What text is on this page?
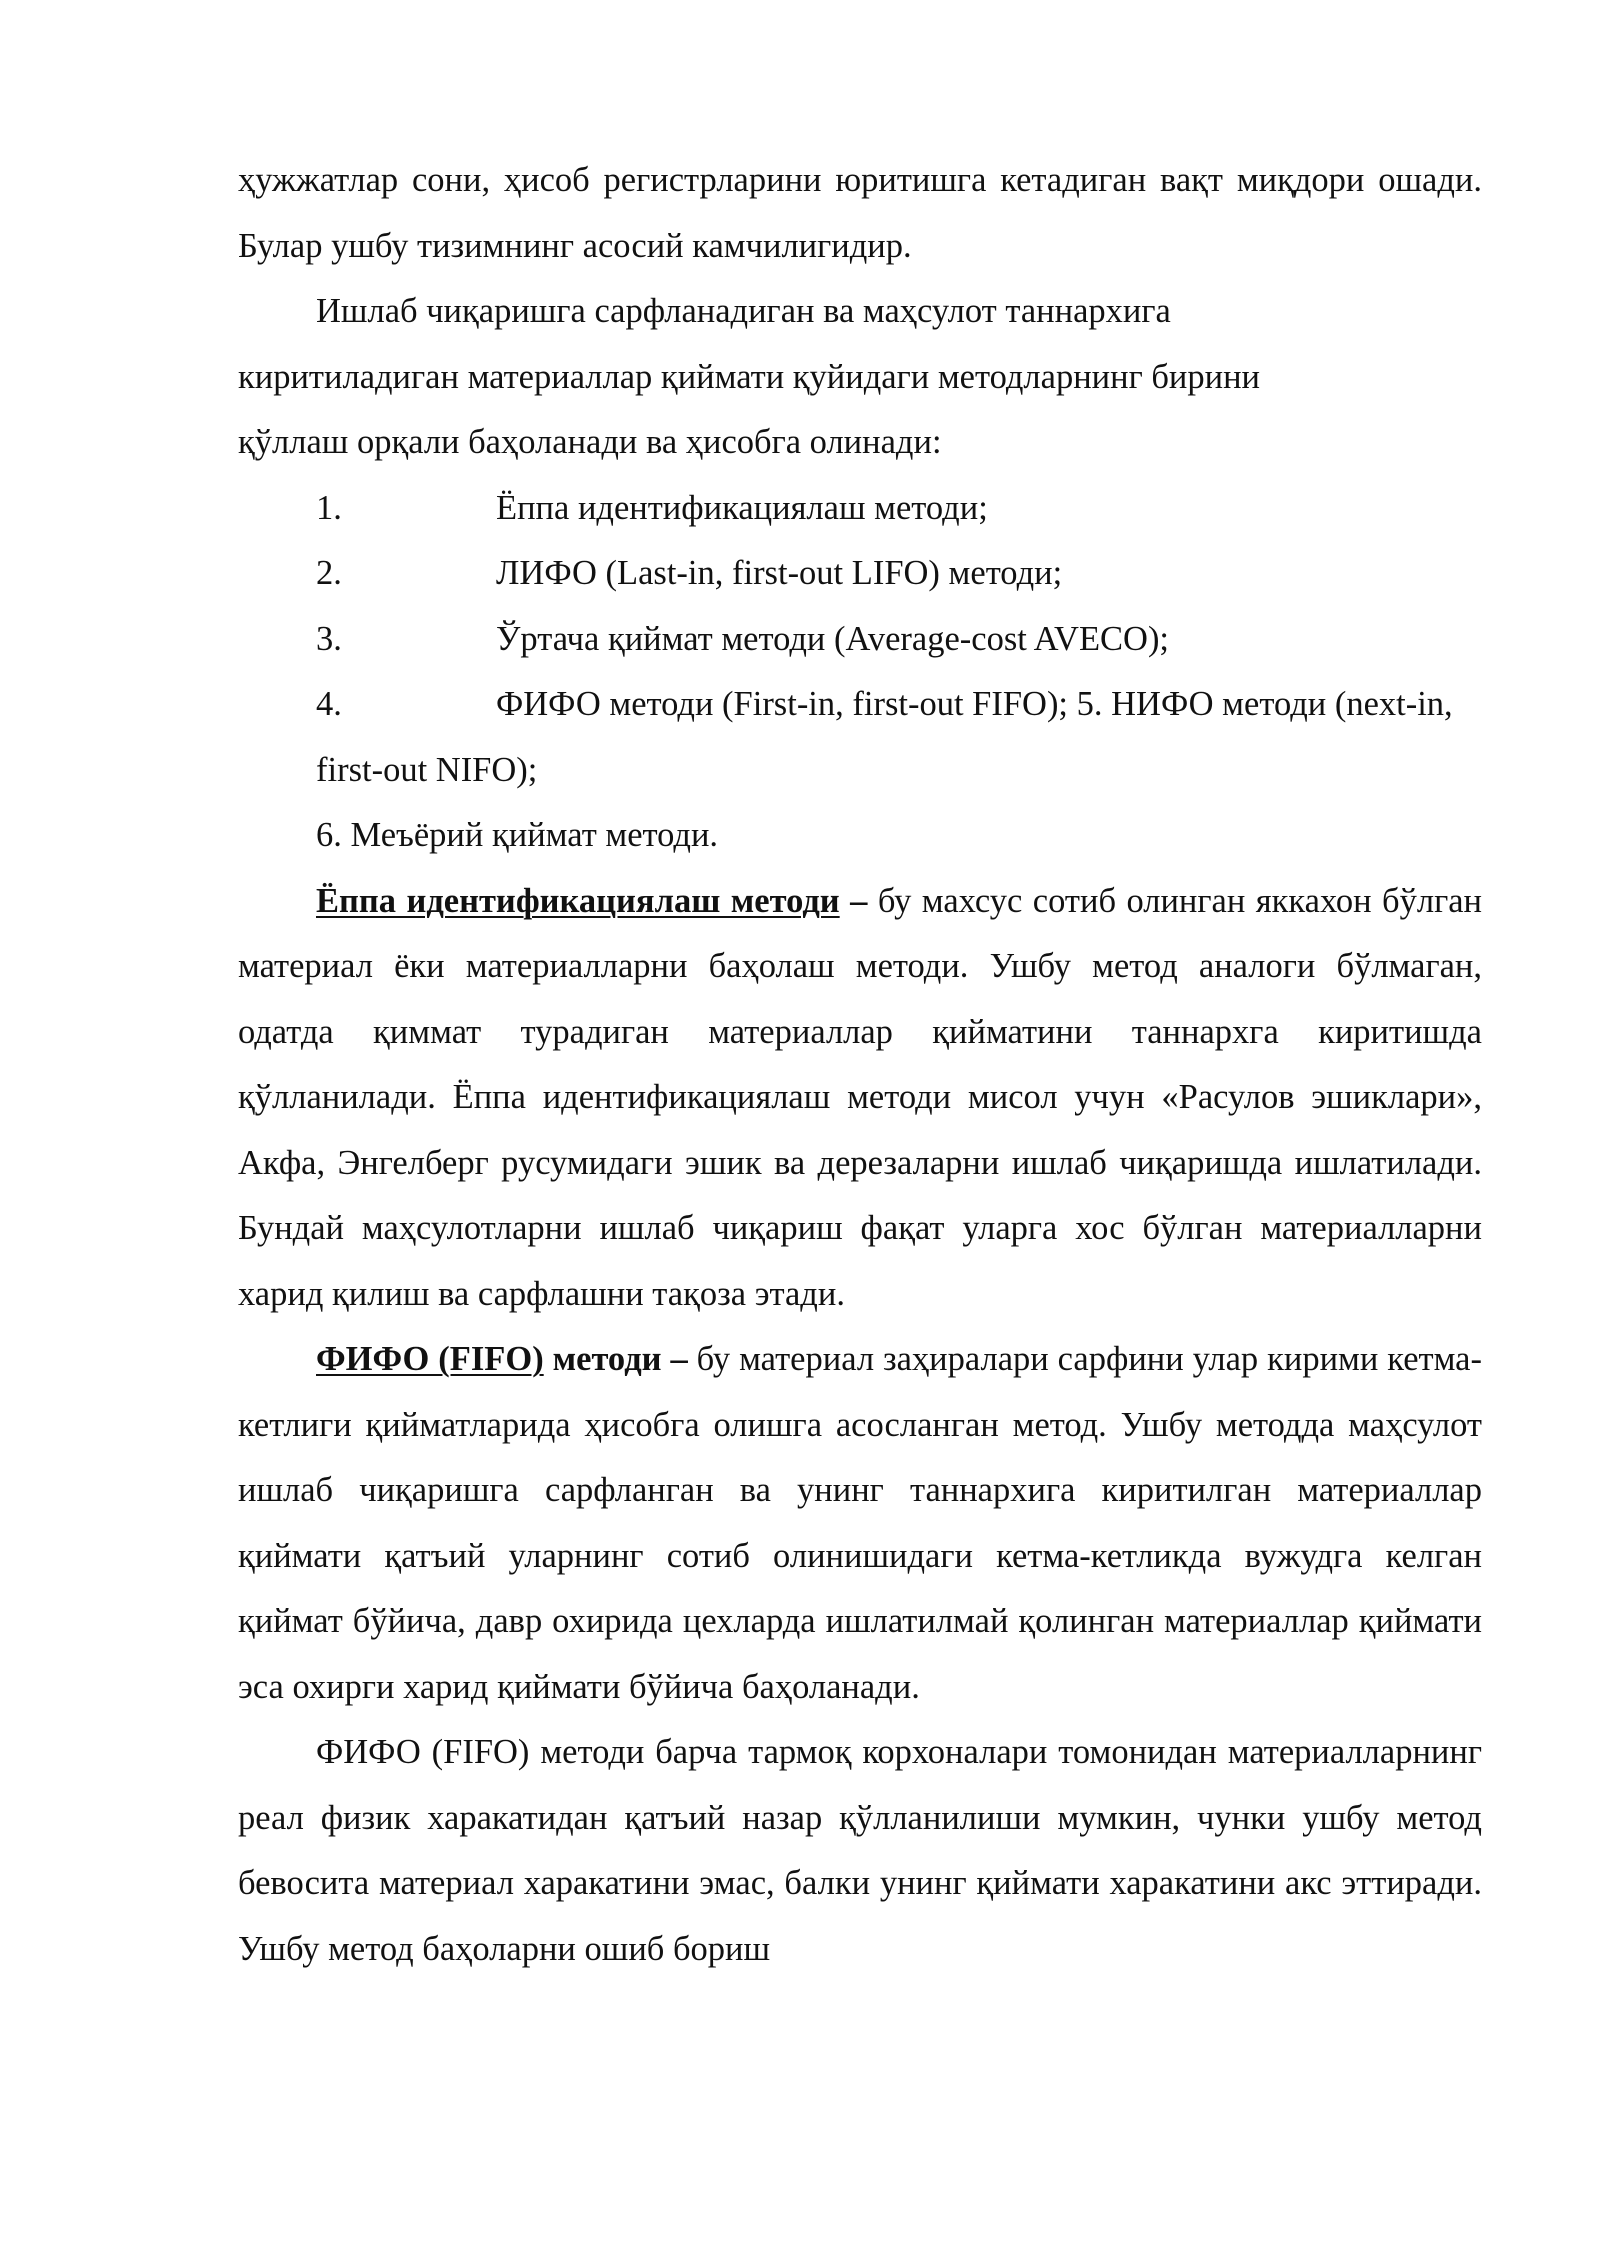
ҳужжатлар сони, ҳисоб регистрларини юритишга кетадиган вақт миқдори ошади. Булар ушбу тизимнинг асосий камчилигидир.

Ишлаб чиқаришга сарфланадиган ва маҳсулот таннархига

киритиладиган материаллар қиймати қуйидаги методларнинг бирини

қўллаш орқали баҳоланади ва ҳисобга олинади:

1.	Ёппа идентификациялаш методи;
2.	ЛИФО (Last-in, first-out LIFO) методи;
3.	Ўртача қиймат методи (Average-cost AVECO);
4.	ФИФО методи (First-in, first-out FIFO); 5. НИФО методи (next-in,
first-out NIFO);
6. Меъёрий қиймат методи.

Ёппа идентификациялаш методи – бу махсус сотиб олинган яккахон бўлган материал ёки материалларни баҳолаш методи. Ушбу метод аналоги бўлмаган, одатда қиммат турадиган материаллар қийматини таннархга киритишда қўлланилади. Ёппа идентификациялаш методи мисол учун «Расулов эшиклари», Акфа, Энгелберг русумидаги эшик ва дерезаларни ишлаб чиқаришда ишлатилади. Бундай маҳсулотларни ишлаб чиқариш фақат уларга хос бўлган материалларни харид қилиш ва сарфлашни тақоза этади.

ФИФО (FIFO) методи – бу материал заҳиралари сарфини улар кирими кетма-кетлиги қийматларида ҳисобга олишга асосланган метод. Ушбу методда маҳсулот ишлаб чиқаришга сарфланган ва унинг таннархига киритилган материаллар қиймати қатъий уларнинг сотиб олинишидаги кетма-кетликда вужудга келган қиймат бўйича, давр охирида цехларда ишлатилмай қолинган материаллар қиймати эса охирги харид қиймати бўйича баҳоланади.

ФИФО (FIFO) методи барча тармоқ корхоналари томонидан материалларнинг реал физик харакатидан қатъий назар қўлланилиши мумкин, чунки ушбу метод бевосита материал харакатини эмас, балки унинг қиймати харакатини акс эттиради. Ушбу метод баҳоларни ошиб бориш
